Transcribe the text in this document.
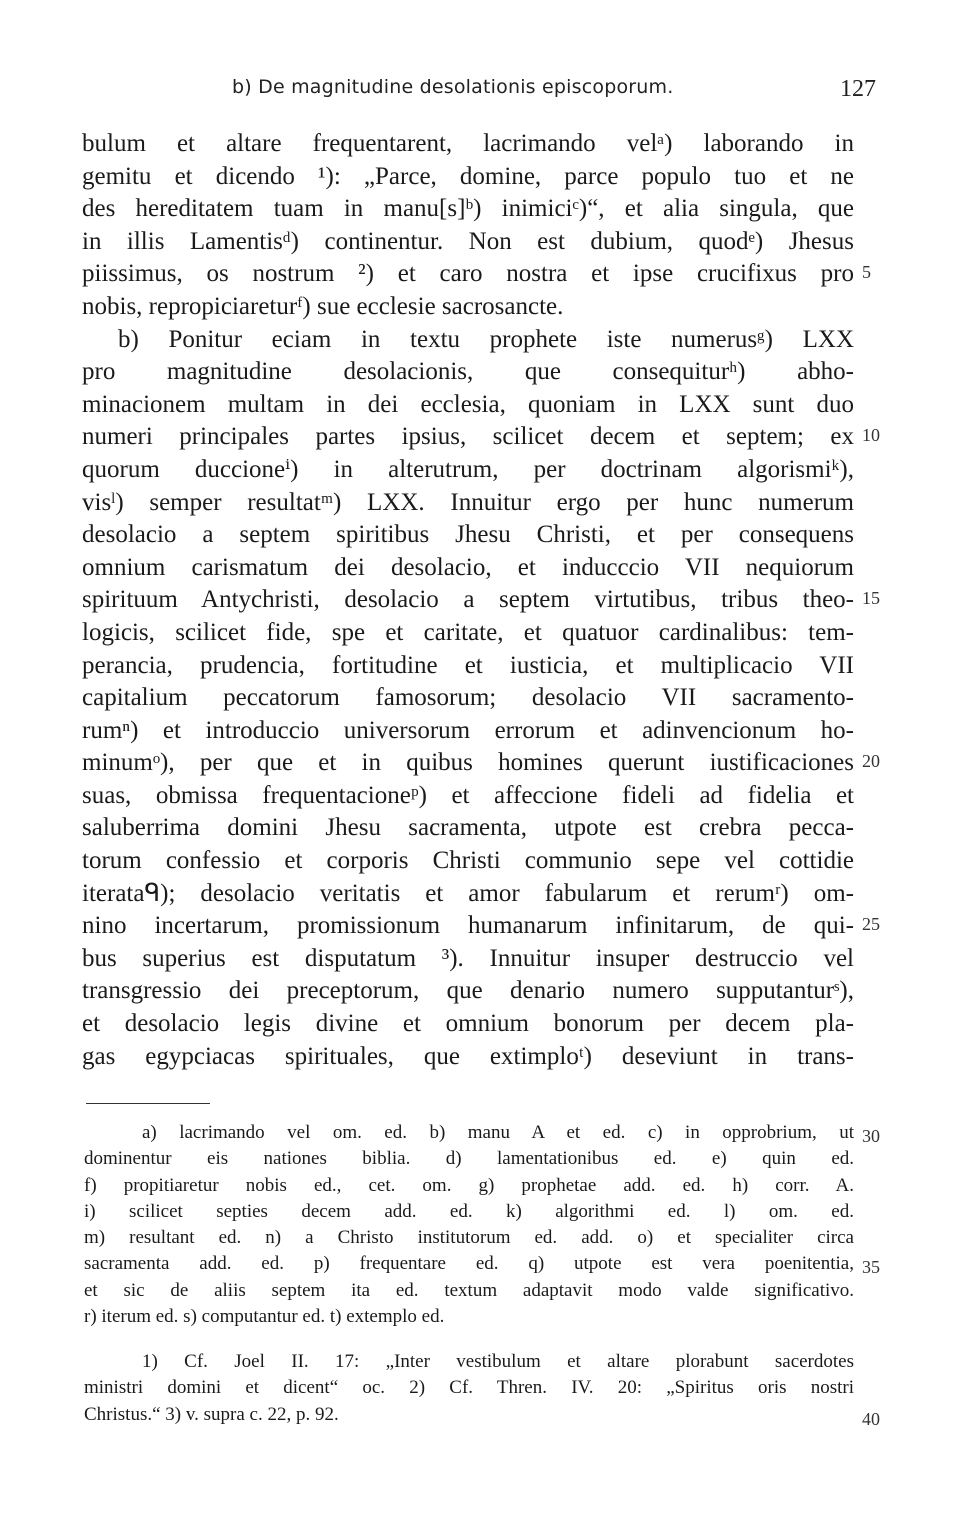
b) De magnitudine desolationis episcoporum.	127
bulum et altare frequentarent, lacrimando velᵃ) laborando in
gemitu et dicendo ¹): „Parce, domine, parce populo tuo et ne
des hereditatem tuam in manu[s]ᵇ) inimiciᶜ)“, et alia singula, que
in illis Lamentisᵈ) continentur. Non est dubium, quodᵉ) Jhesus
piissimus, os nostrum ²) et caro nostra et ipse crucifixus pro
nobis, repropiciareturᶠ) sue ecclesie sacrosancte.
b) Ponitur eciam in textu prophete iste numerusᵍ) LXX
pro magnitudine desolacionis, que consequiturʰ) abho-
minacionem multam in dei ecclesia, quoniam in LXX sunt duo
numeri principales partes ipsius, scilicet decem et septem; ex
quorum duccioneⁱ) in alterutrum, per doctrinam algorismiᵏ),
visˡ) semper resultatᵐ) LXX. Innuitur ergo per hunc numerum
desolacio a septem spiritibus Jhesu Christi, et per consequens
omnium carismatum dei desolacio, et inducccio VII nequiorum
spirituum Antychristi, desolacio a septem virtutibus, tribus theo-
logicis, scilicet fide, spe et caritate, et quatuor cardinalibus: tem-
perancia, prudencia, fortitudine et iusticia, et multiplicacio VII
capitalium peccatorum famosorum; desolacio VII sacramento-
rumⁿ) et introduccio universorum errorum et adinvencionum ho-
minumᵒ), per que et in quibus homines querunt iustificaciones
suas, obmissa frequentacioneᵖ) et affeccione fideli ad fidelia et
saluberrima domini Jhesu sacramenta, utpote est crebra pecca-
torum confessio et corporis Christi communio sepe vel cottidie
iterataᑫ); desolacio veritatis et amor fabularum et rerumʳ) om-
nino incertarum, promissionum humanarum infinitarum, de qui-
bus superius est disputatum ³). Innuitur insuper destruccio vel
transgressio dei preceptorum, que denario numero supputanturˢ),
et desolacio legis divine et omnium bonorum per decem pla-
gas egypciacas spirituales, que extimploᵗ) deseviunt in trans-
5
10
15
20
25
a) lacrimando vel om. ed. b) manu A et ed. c) in opprobrium, ut
dominentur eis nationes biblia. d) lamentationibus ed. e) quin ed.
f) propitiaretur nobis ed., cet. om. g) prophetae add. ed. h) corr. A.
i) scilicet septies decem add. ed. k) algorithmi ed. l) om. ed.
m) resultant ed. n) a Christo institutorum ed. add. o) et specialiter circa
sacramenta add. ed. p) frequentare ed. q) utpote est vera poenitentia,
et sic de aliis septem ita ed. textum adaptavit modo valde significativo.
r) iterum ed. s) computantur ed. t) extemplo ed.
30
35
40
1) Cf. Joel II. 17: „Inter vestibulum et altare plorabunt sacerdotes
ministri domini et dicent“ oc. 2) Cf. Thren. IV. 20: „Spiritus oris nostri
Christus.“ 3) v. supra c. 22, p. 92.
